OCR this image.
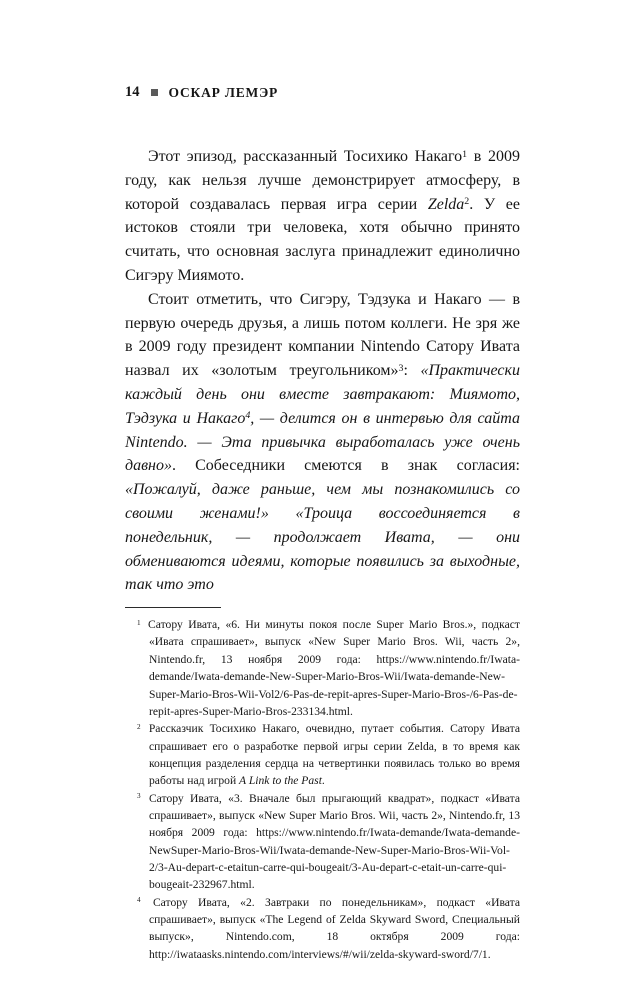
14 ОСКАР ЛЕМЭР

Этот эпизод, рассказанный Тосихико Накаго$^1$ в 2009 году, как нельзя лучше демонстрирует атмосферу, в которой создавалась первая игра серии Zelda$^2$. У ее истоков стояли три человека, хотя обычно принято считать, что основная заслуга принадлежит единолично Сигэру Миямото.

Стоит отметить, что Сигэру, Тэдзука и Накаго — в первую очередь друзья, а лишь потом коллеги. Не зря же в 2009 году президент компании Nintendo Сатору Ивата назвал их «золотым треугольником»$^3$: «Практически каждый день они вместе завтракают: Миямото, Тэдзука и Накаго$^4$, — делится он в интервью для сайта Nintendo. — Эта привычка выработалась уже очень давно». Собеседники смеются в знак согласия: «Пожалуй, даже раньше, чем мы познакомились со своими женами!» «Троица воссоединяется в понедельник, — продолжает Ивата, — они обмениваются идеями, которые появились за выходные, так что это

$^1$ Сатору Ивата, «6. Ни минуты покоя после Super Mario Bros.», подкаст «Ивата спрашивает», выпуск «New Super Mario Bros. Wii, часть 2», Nintendo.fr, 13 ноября 2009 года: https://www.nintendo.fr/Iwata-demande/Iwata-demande-New-Super-Mario-Bros-Wii/Iwata-demande-New-Super-Mario-Bros-Wii-Vol2/6-Pas-de-repit-apres-Super-Mario-Bros-/6-Pas-de-repit-apres-Super-Mario-Bros-233134.html.
$^2$ Рассказчик Тосихико Накаго, очевидно, путает события. Сатору Ивата спрашивает его о разработке первой игры серии Zelda, в то время как концепция разделения сердца на четвертинки появилась только во время работы над игрой A Link to the Past.
$^3$ Сатору Ивата, «3. Вначале был прыгающий квадрат», подкаст «Ивата спрашивает», выпуск «New Super Mario Bros. Wii, часть 2», Nintendo.fr, 13 ноября 2009 года: https://www.nintendo.fr/Iwata-demande/Iwata-demande-NewSuper-Mario-Bros-Wii/Iwata-demande-New-Super-Mario-Bros-Wii-Vol-2/3-Au-depart-c-etaitun-carre-qui-bougeait/3-Au-depart-c-etait-un-carre-qui-bougeait-232967.html.
$^4$ Сатору Ивата, «2. Завтраки по понедельникам», подкаст «Ивата спрашивает», выпуск «The Legend of Zelda Skyward Sword, Специальный выпуск», Nintendo.com, 18 октября 2009 года: http://iwataasks.nintendo.com/interviews/#/wii/zelda-skyward-sword/7/1.
